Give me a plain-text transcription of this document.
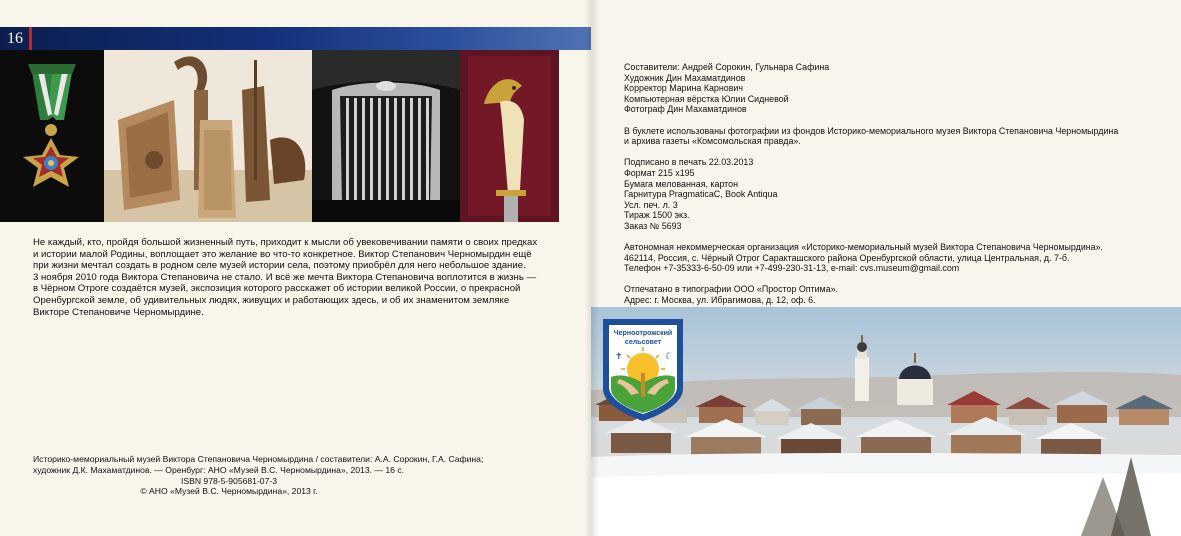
16
Не каждый, кто, пройдя большой жизненный путь, приходит к мысли об увековечивании памяти о своих предках
и истории малой Родины, воплощает это желание во что-то конкретное. Виктор Степанович Черномырдин ещё
при жизни мечтал создать в родном селе музей истории села, поэтому приобрёл для него небольшое здание.
3 ноября 2010 года Виктора Степановича не стало. И всё же мечта Виктора Степановича воплотится в жизнь —
в Чёрном Отроге создаётся музей, экспозиция которого расскажет об истории великой России, о прекрасной
Оренбургской земле, об удивительных людях, живущих и работающих здесь, и об их знаменитом земляке
Викторе Степановиче Черномырдине.
Историко-мемориальный музей Виктора Степановича Черномырдина / составители: А.А. Сорокин, Г.А. Сафина;
художник Д.К. Махаматдинов. — Оренбург: АНО «Музей В.С. Черномырдина», 2013. — 16 с.
ISBN 978-5-905681-07-3
© АНО «Музей В.С. Черномырдина», 2013 г.
Составители: Андрей Сорокин, Гульнара Сафина
Художник Дин Махаматдинов
Корректор Марина Карнович
Компьютерная вёрстка Юлии Сидневой
Фотограф Дин Махаматдинов
В буклете использованы фотографии из фондов Историко-мемориального музея Виктора Степановича Черномырдина
и архива газеты «Комсомольская правда».
Подписано в печать 22.03.2013
Формат 215 х195
Бумага мелованная, картон
Гарнитура PragmaticaC, Book Antiqua
Усл. печ. л. 3
Тираж 1500 экз.
Заказ № 5693
Автономная некоммерческая организация «Историко-мемориальный музей Виктора Степановича Черномырдина».
462114, Россия, с. Чёрный Отрог Саракташского района Оренбургской области, улица Центральная, д. 7-б.
Телефон +7-35333-6-50-09 или +7-499-230-31-13, e-mail: cvs.museum@gmail.com
Отпечатано в типографии ООО «Простор Оптима».
Адрес: г. Москва, ул. Ибрагимова, д. 12, оф. 6.
Черноотрожский
сельсовет
✝	☾
